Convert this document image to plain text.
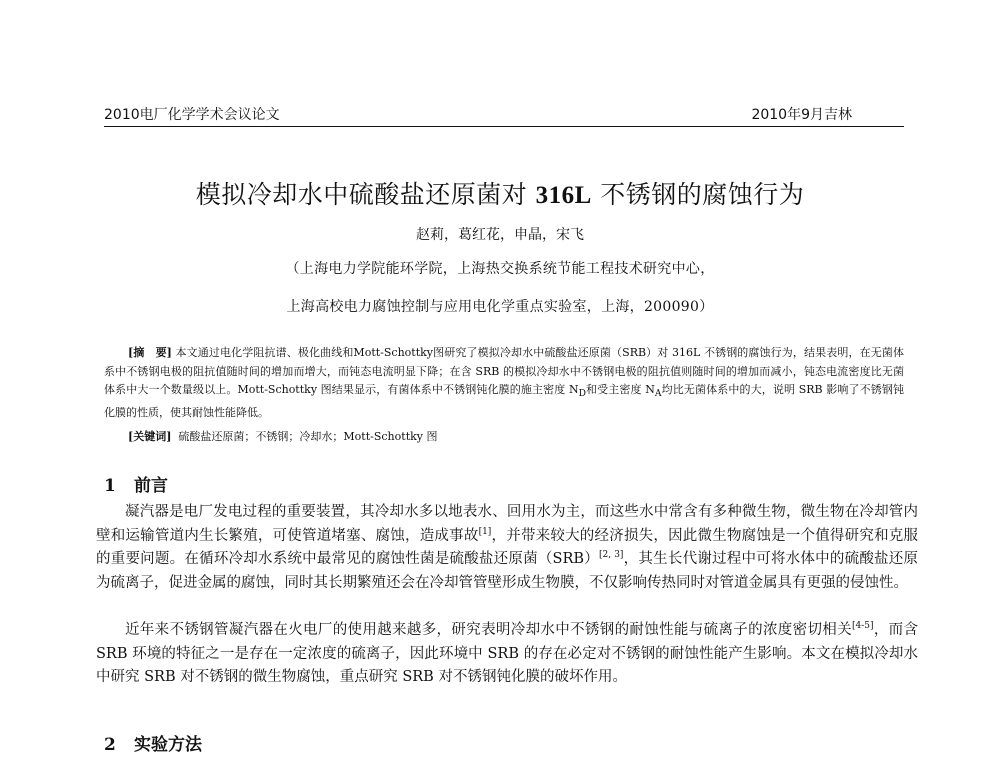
2010电厂化学学术会议论文	2010年9月吉林
模拟冷却水中硫酸盐还原菌对 316L 不锈钢的腐蚀行为
赵莉，葛红花，申晶，宋飞
（上海电力学院能环学院，上海热交换系统节能工程技术研究中心，
上海高校电力腐蚀控制与应用电化学重点实验室，上海，200090）
[摘　要] 本文通过电化学阻抗谱、极化曲线和Mott-Schottky图研究了模拟冷却水中硫酸盐还原菌（SRB）对 316L 不锈钢的腐蚀行为，结果表明，在无菌体系中不锈钢电极的阻抗值随时间的增加而增大，而钝态电流明显下降；在含 SRB 的模拟冷却水中不锈钢电极的阻抗值则随时间的增加而减小，钝态电流密度比无菌体系中大一个数量级以上。Mott-Schottky 图结果显示，有菌体系中不锈钢钝化膜的施主密度 $N_D$和受主密度 $N_A$均比无菌体系中的大，说明 SRB 影响了不锈钢钝化膜的性质，使其耐蚀性能降低。
[关键词] 硫酸盐还原菌；不锈钢；冷却水；Mott-Schottky 图
1 前言

凝汽器是电厂发电过程的重要装置，其冷却水多以地表水、回用水为主，而这些水中常含有多种微生物，微生物在冷却管内壁和运输管道内生长繁殖，可使管道堵塞、腐蚀，造成事故[1]，并带来较大的经济损失，因此微生物腐蚀是一个值得研究和克服的重要问题。在循环冷却水系统中最常见的腐蚀性菌是硫酸盐还原菌（SRB）[2, 3]，其生长代谢过程中可将水体中的硫酸盐还原为硫离子，促进金属的腐蚀，同时其长期繁殖还会在冷却管管壁形成生物膜，不仅影响传热同时对管道金属具有更强的侵蚀性。

近年来不锈钢管凝汽器在火电厂的使用越来越多，研究表明冷却水中不锈钢的耐蚀性能与硫离子的浓度密切相关[4-5]，而含 SRB 环境的特征之一是存在一定浓度的硫离子，因此环境中 SRB 的存在必定对不锈钢的耐蚀性能产生影响。本文在模拟冷却水中研究 SRB 对不锈钢的微生物腐蚀，重点研究 SRB 对不锈钢钝化膜的破坏作用。

2 实验方法
